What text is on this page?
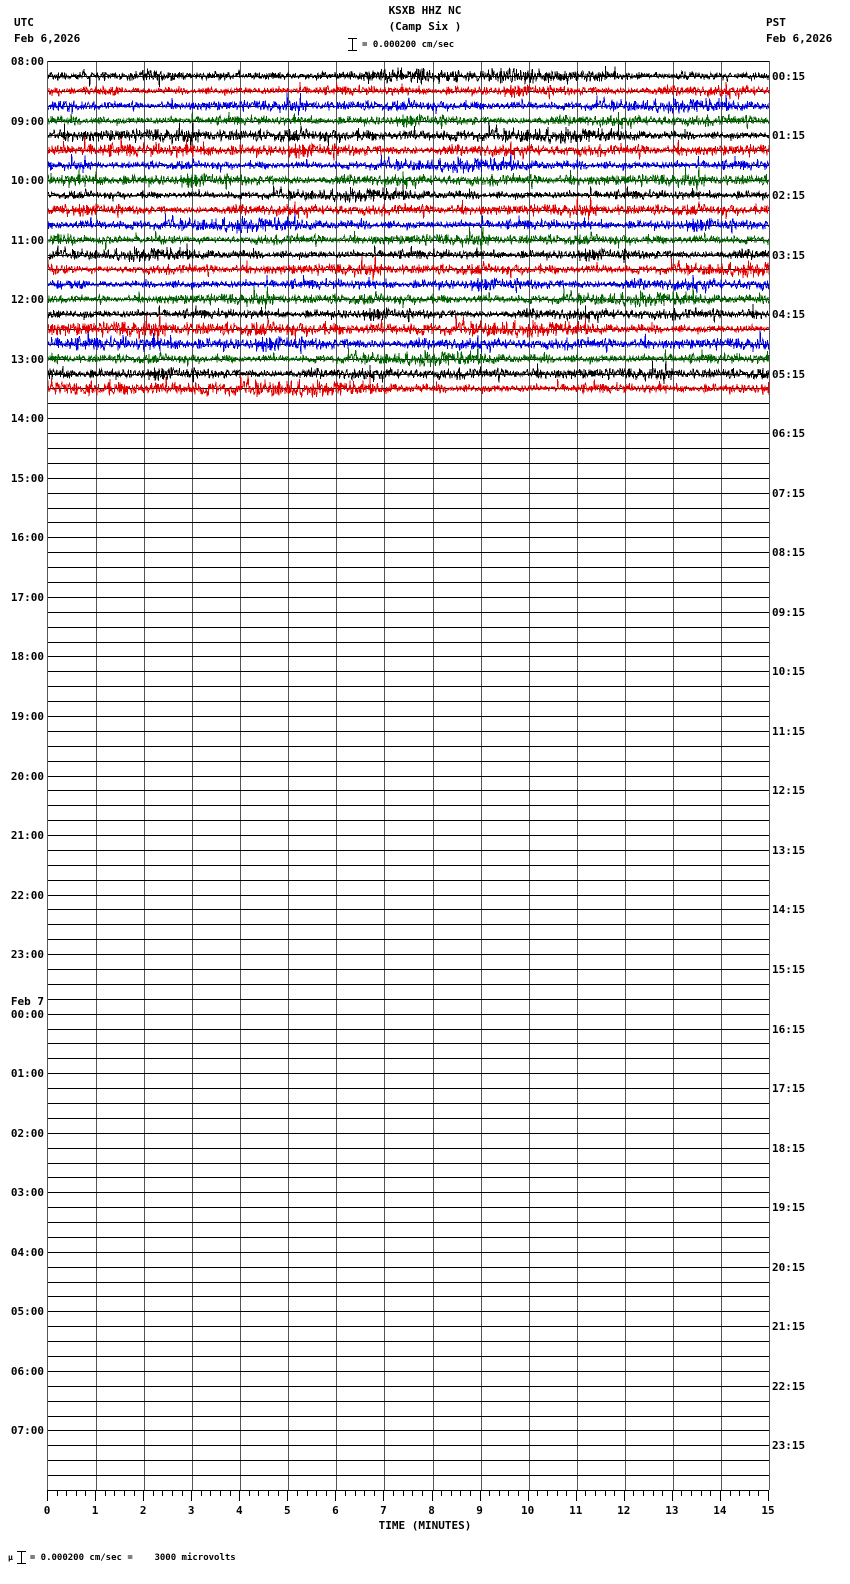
UTC
Feb 6,2026
PST
Feb 6,2026
KSXB HHZ NC
(Camp Six )
= 0.000200 cm/sec
08:00
09:00
10:00
11:00
12:00
13:00
14:00
15:00
16:00
17:00
18:00
19:00
20:00
21:00
22:00
23:00
00:00
01:00
02:00
03:00
04:00
05:00
06:00
07:00
00:15
01:15
02:15
03:15
04:15
05:15
06:15
07:15
08:15
09:15
10:15
11:15
12:15
13:15
14:15
15:15
16:15
17:15
18:15
19:15
20:15
21:15
22:15
23:15
Feb 7
0	1	2	3	4	5	6	7	8	9	10	11	12	13	14	15
TIME (MINUTES)
μ = 0.000200 cm/sec =    3000 microvolts
